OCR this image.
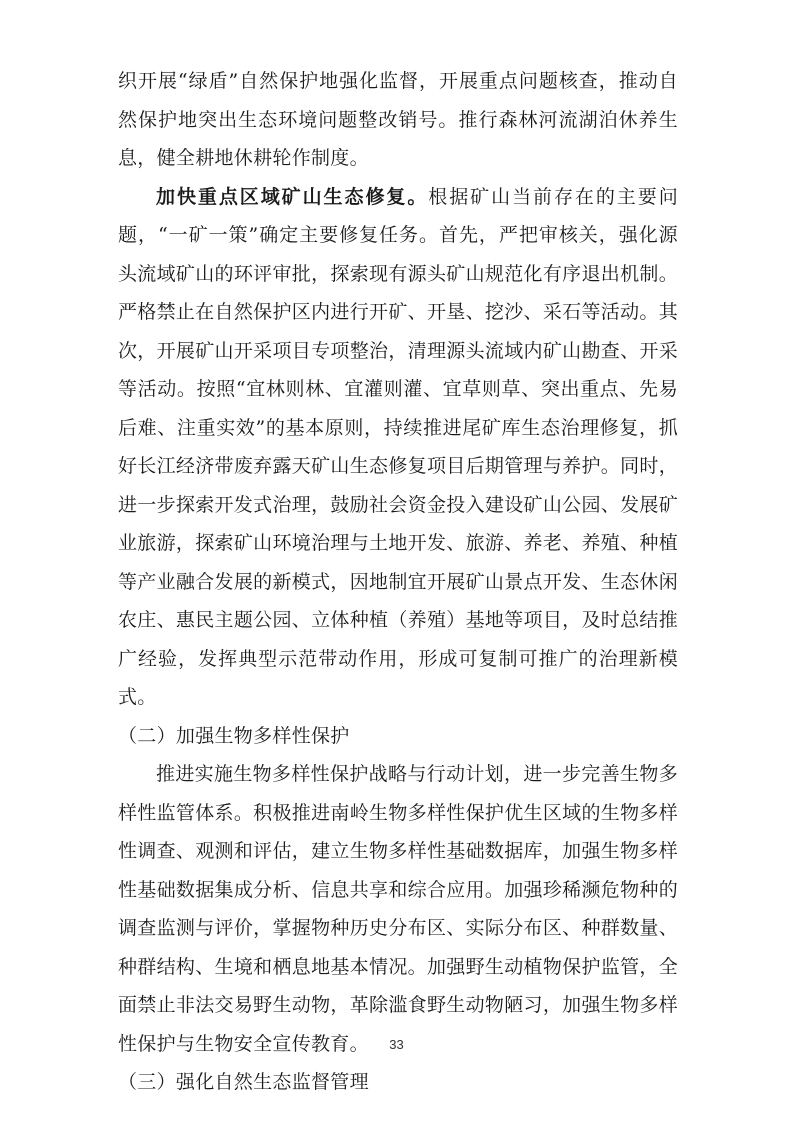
织开展“绿盾”自然保护地强化监督，开展重点问题核查，推动自然保护地突出生态环境问题整改销号。推行森林河流湖泊休养生息，健全耕地休耕轮作制度。

加快重点区域矿山生态修复。根据矿山当前存在的主要问题，“一矿一策”确定主要修复任务。首先，严把审核关，强化源头流域矿山的环评审批，探索现有源头矿山规范化有序退出机制。严格禁止在自然保护区内进行开矿、开垦、挖沙、采石等活动。其次，开展矿山开采项目专项整治，清理源头流域内矿山勘查、开采等活动。按照“宜林则林、宜灌则灌、宜草则草、突出重点、先易后难、注重实效”的基本原则，持续推进尾矿库生态治理修复，抓好长江经济带废弃露天矿山生态修复项目后期管理与养护。同时，进一步探索开发式治理，鼓励社会资金投入建设矿山公园、发展矿业旅游，探索矿山环境治理与土地开发、旅游、养老、养殖、种植等产业融合发展的新模式，因地制宜开展矿山景点开发、生态休闲农庄、惠民主题公园、立体种植（养殖）基地等项目，及时总结推广经验，发挥典型示范带动作用，形成可复制可推广的治理新模式。

（二）加强生物多样性保护

推进实施生物多样性保护战略与行动计划，进一步完善生物多样性监管体系。积极推进南岭生物多样性保护优生区域的生物多样性调查、观测和评估，建立生物多样性基础数据库，加强生物多样性基础数据集成分析、信息共享和综合应用。加强珍稀濒危物种的调查监测与评价，掌握物种历史分布区、实际分布区、种群数量、种群结构、生境和栖息地基本情况。加强野生动植物保护监管，全面禁止非法交易野生动物，革除滥食野生动物陋习，加强生物多样性保护与生物安全宣传教育。

（三）强化自然生态监督管理

33
